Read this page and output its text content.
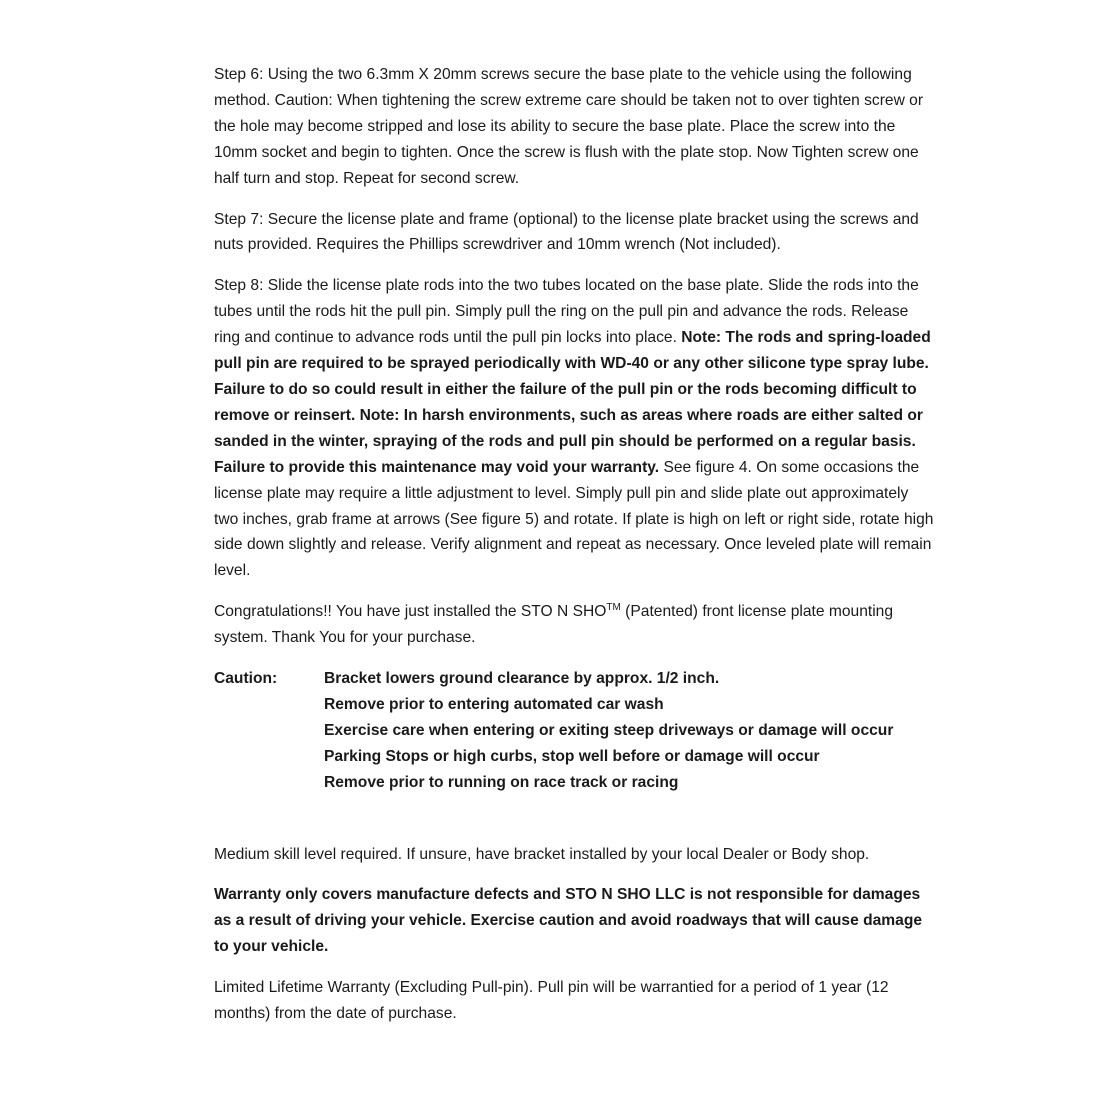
Step 6: Using the two 6.3mm X 20mm screws secure the base plate to the vehicle using the following method. Caution: When tightening the screw extreme care should be taken not to over tighten screw or the hole may become stripped and lose its ability to secure the base plate. Place the screw into the 10mm socket and begin to tighten. Once the screw is flush with the plate stop. Now Tighten screw one half turn and stop. Repeat for second screw.

Step 7: Secure the license plate and frame (optional) to the license plate bracket using the screws and nuts provided. Requires the Phillips screwdriver and 10mm wrench (Not included).

Step 8: Slide the license plate rods into the two tubes located on the base plate. Slide the rods into the tubes until the rods hit the pull pin. Simply pull the ring on the pull pin and advance the rods. Release ring and continue to advance rods until the pull pin locks into place. Note: The rods and spring-loaded pull pin are required to be sprayed periodically with WD-40 or any other silicone type spray lube. Failure to do so could result in either the failure of the pull pin or the rods becoming difficult to remove or reinsert. Note: In harsh environments, such as areas where roads are either salted or sanded in the winter, spraying of the rods and pull pin should be performed on a regular basis. Failure to provide this maintenance may void your warranty. See figure 4. On some occasions the license plate may require a little adjustment to level. Simply pull pin and slide plate out approximately two inches, grab frame at arrows (See figure 5) and rotate. If plate is high on left or right side, rotate high side down slightly and release. Verify alignment and repeat as necessary. Once leveled plate will remain level.

Congratulations!! You have just installed the STO N SHO™ (Patented) front license plate mounting system. Thank You for your purchase.

Caution:	Bracket lowers ground clearance by approx. 1/2 inch.
Remove prior to entering automated car wash
Exercise care when entering or exiting steep driveways or damage will occur
Parking Stops or high curbs, stop well before or damage will occur
Remove prior to running on race track or racing

Medium skill level required. If unsure, have bracket installed by your local Dealer or Body shop.

Warranty only covers manufacture defects and STO N SHO LLC is not responsible for damages as a result of driving your vehicle. Exercise caution and avoid roadways that will cause damage to your vehicle.

Limited Lifetime Warranty (Excluding Pull-pin). Pull pin will be warrantied for a period of 1 year (12 months) from the date of purchase.
